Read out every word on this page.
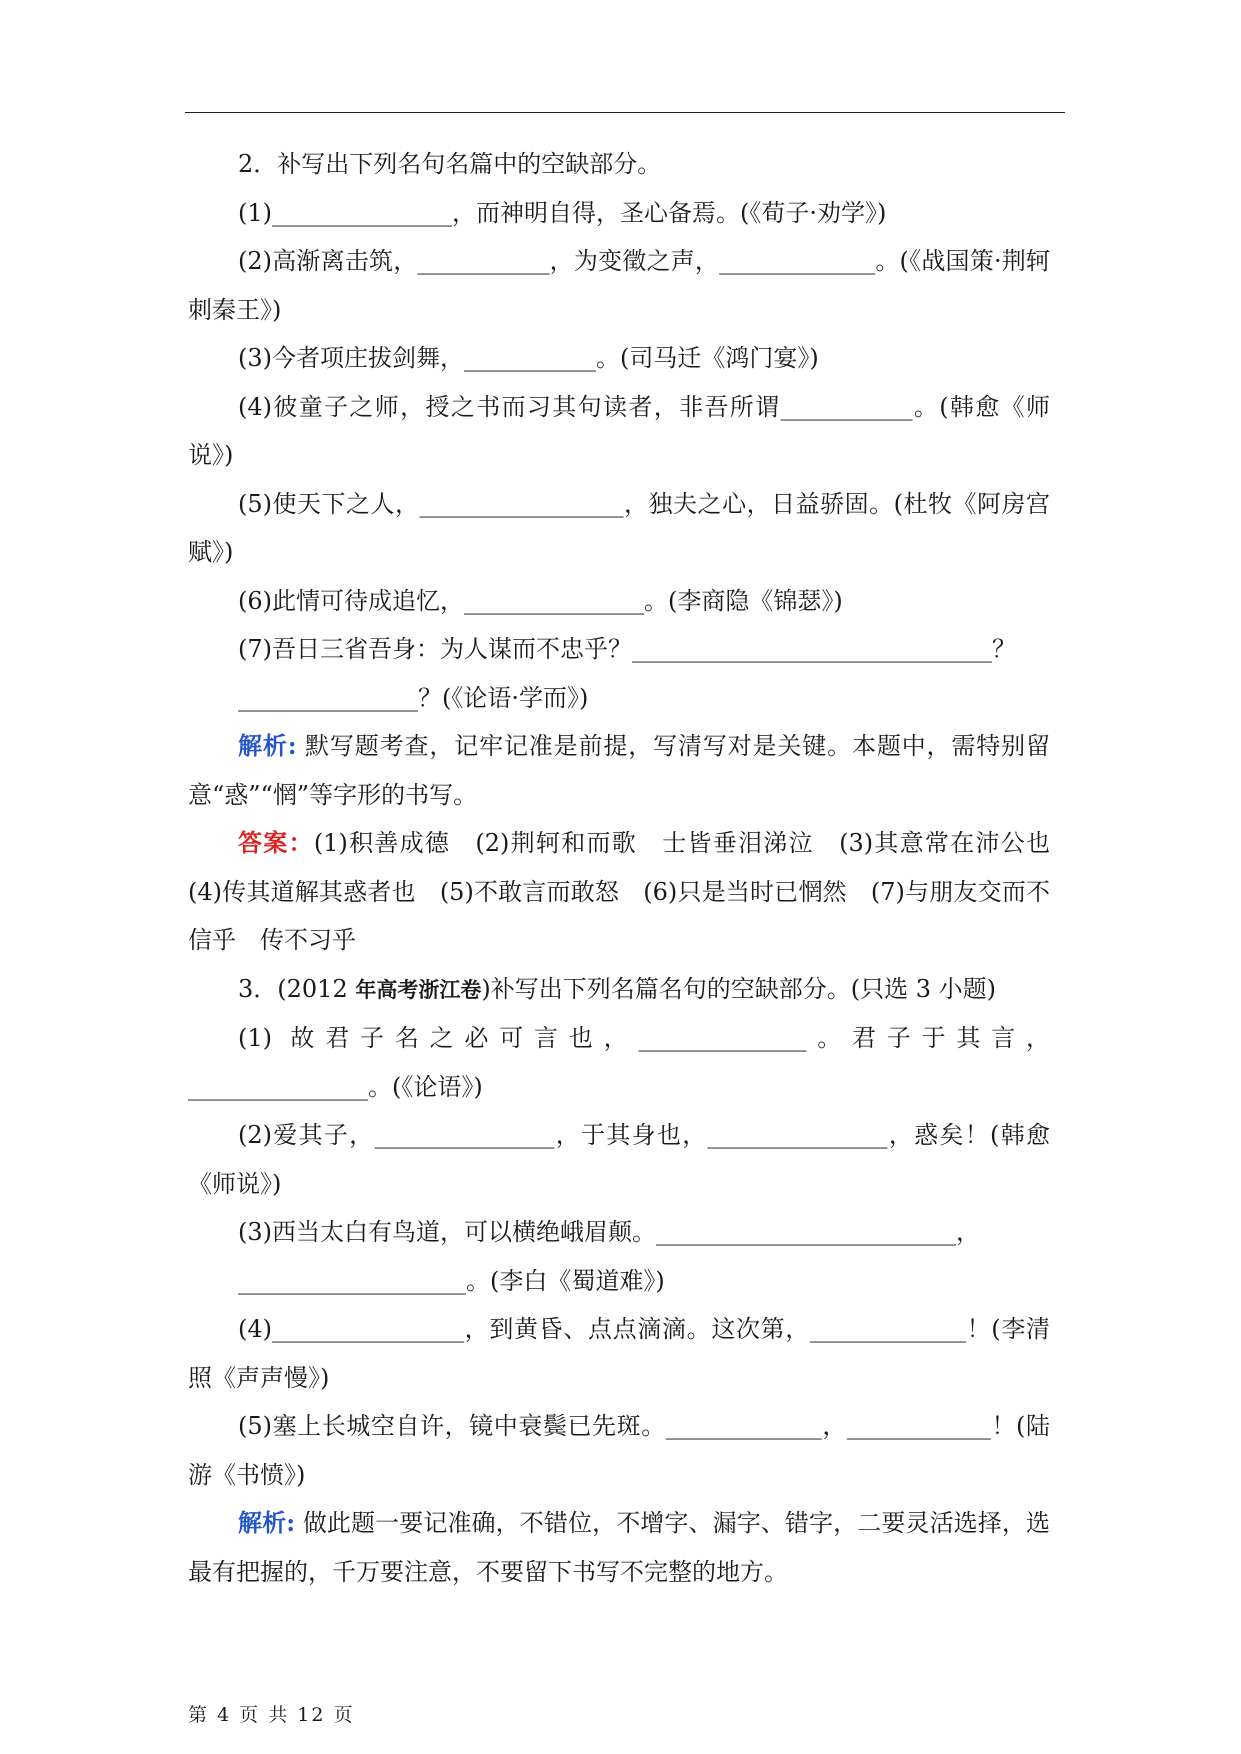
2．补写出下列名句名篇中的空缺部分。

(1)_______________，而神明自得，圣心备焉。(《荀子·劝学》)

(2)高渐离击筑，___________，为变徵之声，_____________。(《战国策·荆轲刺秦王》)

(3)今者项庄拔剑舞，___________。(司马迁《鸿门宴》)

(4)彼童子之师，授之书而习其句读者，非吾所谓___________。(韩愈《师说》)

(5)使天下之人，_________________，独夫之心，日益骄固。(杜牧《阿房宫赋》)

(6)此情可待成追忆，_______________。(李商隐《锦瑟》)

(7)吾日三省吾身：为人谋而不忠乎？______________________________？

_______________？(《论语·学而》)

解析: 默写题考查，记牢记准是前提，写清写对是关键。本题中，需特别留意“惑”“惘”等字形的书写。

答案：(1)积善成德　(2)荆轲和而歌　士皆垂泪涕泣　(3)其意常在沛公也　(4)传其道解其惑者也　(5)不敢言而敢怒　(6)只是当时已惘然　(7)与朋友交而不信乎　传不习乎

3．(2012 年高考浙江卷)补写出下列名篇名句的空缺部分。(只选 3 小题)

(1) 故君子名之必可言也，______________。君子于其言，_______________。(《论语》)

(2)爱其子，_______________，于其身也，_______________，惑矣！(韩愈《师说》)

(3)西当太白有鸟道，可以横绝峨眉颠。_________________________，

___________________。(李白《蜀道难》)

(4)________________，到黄昏、点点滴滴。这次第，_____________！(李清照《声声慢》)

(5)塞上长城空自许，镜中衰鬓已先斑。_____________，____________！(陆游《书愤》)

解析: 做此题一要记准确，不错位，不增字、漏字、错字，二要灵活选择，选最有把握的，千万要注意，不要留下书写不完整的地方。

第 4 页 共 12 页
